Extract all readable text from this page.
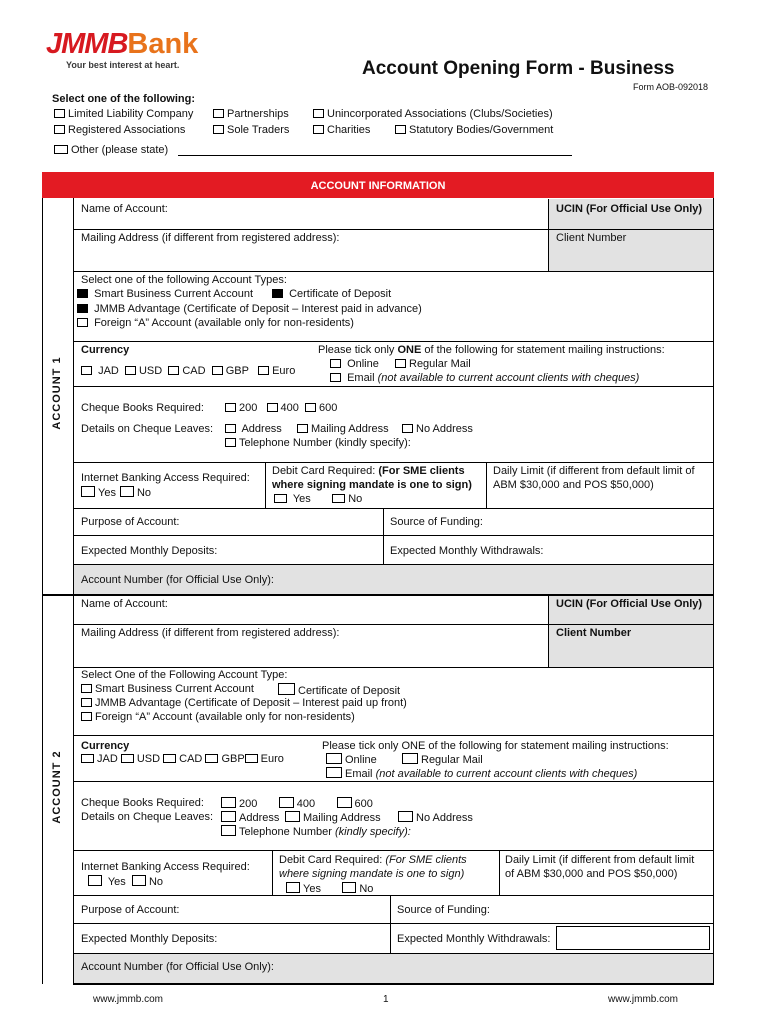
JMMBBank
Your best interest at heart.	Account Opening Form - Business
Form AOB-092018
Select one of the following:
Limited Liability Company
Registered Associations
Partnerships
Sole Traders
Unincorporated Associations (Clubs/Societies)
Charities	Statutory Bodies/Government
Other (please state)
ACCOUNT INFORMATION
ACCOUNT 1
ACCOUNT 2
Name of Account:	UCIN (For Official Use Only)
Mailing Address (if different from registered address):	Client Number
Select one of the following Account Types:
Smart Business Current Account	Certificate of Deposit
JMMB Advantage (Certificate of Deposit – Interest paid in advance)
Foreign “A” Account (available only for non-residents)
Currency
JAD USD CAD GBP Euro
Please tick only ONE of the following for statement mailing instructions:
Online	Regular Mail
Email (not available to current account clients with cheques)
Cheque Books Required:	200 400 600
Details on Cheque Leaves:	Address	Mailing Address	No Address
Telephone Number (kindly specify):
Internet Banking Access Required:
Yes No
Debit Card Required: (For SME clients
where signing mandate is one to sign)
Yes	No
Daily Limit (if different from default limit of
ABM $30,000 and POS $50,000)
Purpose of Account:	Source of Funding:
Expected Monthly Deposits:	Expected Monthly Withdrawals:
Account Number (for Official Use Only):
Name of Account:	UCIN (For Official Use Only)
Mailing Address (if different from registered address):	Client Number
Select One of the Following Account Type:
Smart Business Current Account	Certificate of Deposit
JMMB Advantage (Certificate of Deposit – Interest paid up front)
Foreign “A” Account (available only for non-residents)
Currency
JAD USD CAD GBP Euro
Please tick only ONE of the following for statement mailing instructions:
Online	Regular Mail
Email (not available to current account clients with cheques)
Cheque Books Required:	200	400	600
Details on Cheque Leaves:	Address	Mailing Address	No Address
Telephone Number (kindly specify):
Internet Banking Access Required:
Yes No
Debit Card Required: (For SME clients
where signing mandate is one to sign)
Yes	No
Daily Limit (if different from default limit
of ABM $30,000 and POS $50,000)
Purpose of Account:	Source of Funding:
Expected Monthly Deposits:	Expected Monthly Withdrawals:
Account Number (for Official Use Only):
www.jmmb.com	1	www.jmmb.com
